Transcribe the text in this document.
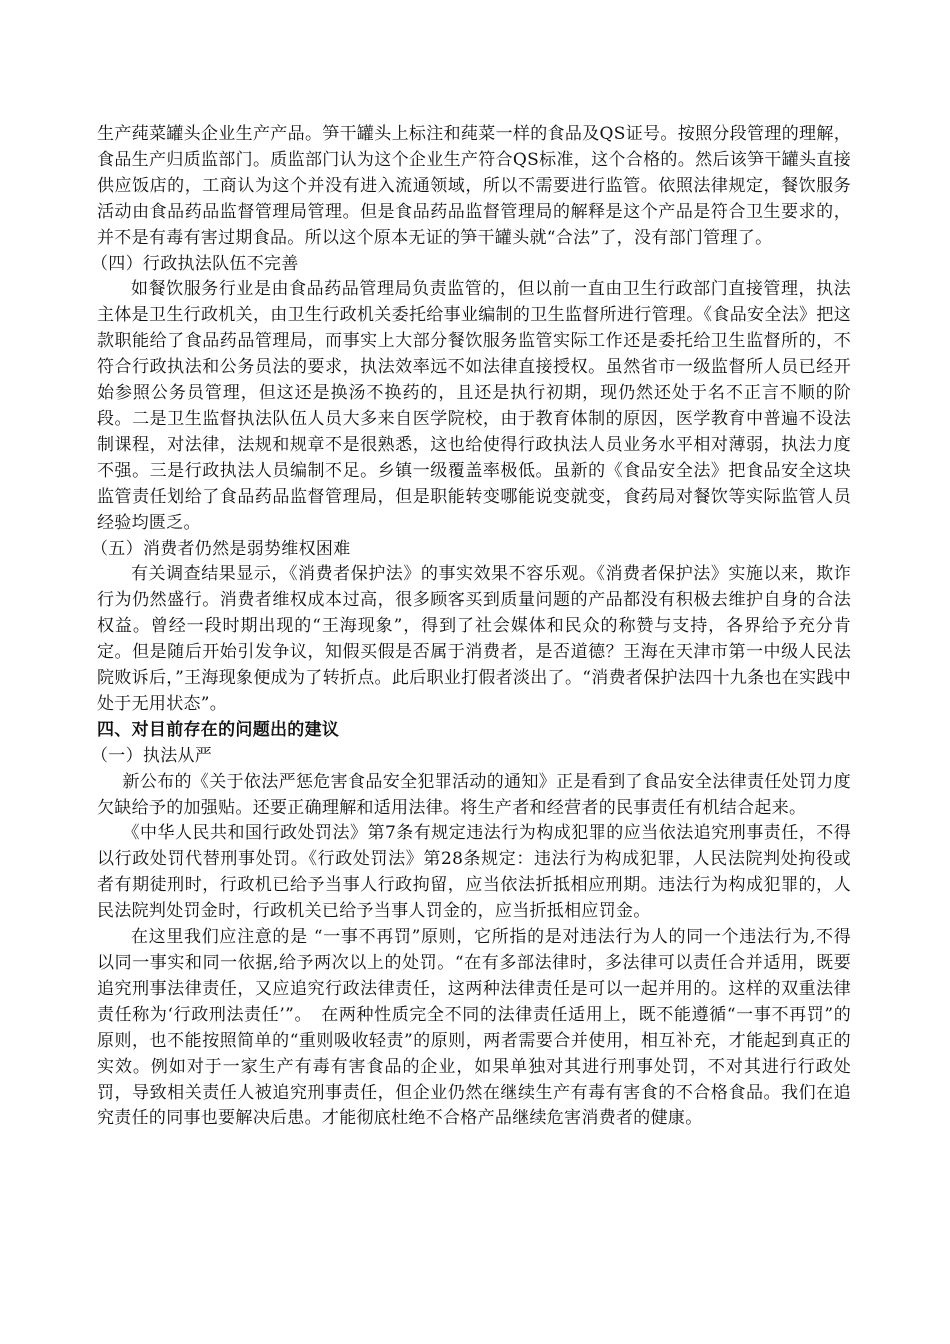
生产莼菜罐头企业生产产品。笋干罐头上标注和莼菜一样的食品及QS证号。按照分段管理的理解，食品生产归质监部门。质监部门认为这个企业生产符合QS标准，这个合格的。然后该笋干罐头直接供应饭店的，工商认为这个并没有进入流通领域，所以不需要进行监管。依照法律规定，餐饮服务活动由食品药品监督管理局管理。但是食品药品监督管理局的解释是这个产品是符合卫生要求的，并不是有毒有害过期食品。所以这个原本无证的笋干罐头就“合法”了，没有部门管理了。

（四）行政执法队伍不完善

如餐饮服务行业是由食品药品管理局负责监管的，但以前一直由卫生行政部门直接管理，执法主体是卫生行政机关，由卫生行政机关委托给事业编制的卫生监督所进行管理。《食品安全法》把这款职能给了食品药品管理局，而事实上大部分餐饮服务监管实际工作还是委托给卫生监督所的，不符合行政执法和公务员法的要求，执法效率远不如法律直接授权。虽然省市一级监督所人员已经开始参照公务员管理，但这还是换汤不换药的，且还是执行初期，现仍然还处于名不正言不顺的阶段。二是卫生监督执法队伍人员大多来自医学院校，由于教育体制的原因，医学教育中普遍不设法制课程，对法律，法规和规章不是很熟悉，这也给使得行政执法人员业务水平相对薄弱，执法力度不强。三是行政执法人员编制不足。乡镇一级覆盖率极低。虽新的《食品安全法》把食品安全这块监管责任划给了食品药品监督管理局，但是职能转变哪能说变就变，食药局对餐饮等实际监管人员经验均匮乏。

（五）消费者仍然是弱势维权困难

有关调查结果显示，《消费者保护法》的事实效果不容乐观。《消费者保护法》实施以来，欺诈行为仍然盛行。消费者维权成本过高，很多顾客买到质量问题的产品都没有积极去维护自身的合法权益。曾经一段时期出现的“王海现象”，得到了社会媒体和民众的称赞与支持，各界给予充分肯定。但是随后开始引发争议，知假买假是否属于消费者，是否道德？王海在天津市第一中级人民法院败诉后，”王海现象便成为了转折点。此后职业打假者淡出了。“消费者保护法四十九条也在实践中处于无用状态”。

四、对目前存在的问题出的建议

（一）执法从严

新公布的《关于依法严惩危害食品安全犯罪活动的通知》正是看到了食品安全法律责任处罚力度欠缺给予的加强贴。还要正确理解和适用法律。将生产者和经营者的民事责任有机结合起来。

《中华人民共和国行政处罚法》第7条有规定违法行为构成犯罪的应当依法追究刑事责任，不得以行政处罚代替刑事处罚。《行政处罚法》第28条规定：违法行为构成犯罪，人民法院判处拘役或者有期徒刑时，行政机已给予当事人行政拘留，应当依法折抵相应刑期。违法行为构成犯罪的，人民法院判处罚金时，行政机关已给予当事人罚金的，应当折抵相应罚金。

在这里我们应注意的是 “一事不再罚”原则，它所指的是对违法行为人的同一个违法行为,不得以同一事实和同一依据,给予两次以上的处罚。“在有多部法律时，多法律可以责任合并适用，既要追究刑事法律责任，又应追究行政法律责任，这两种法律责任是可以一起并用的。这样的双重法律责任称为‘行政刑法责任’”。　在两种性质完全不同的法律责任适用上，既不能遵循“一事不再罚”的原则，也不能按照简单的“重则吸收轻责”的原则，两者需要合并使用，相互补充，才能起到真正的实效。例如对于一家生产有毒有害食品的企业，如果单独对其进行刑事处罚，不对其进行行政处罚，导致相关责任人被追究刑事责任，但企业仍然在继续生产有毒有害食的不合格食品。我们在追究责任的同事也要解决后患。才能彻底杜绝不合格产品继续危害消费者的健康。
